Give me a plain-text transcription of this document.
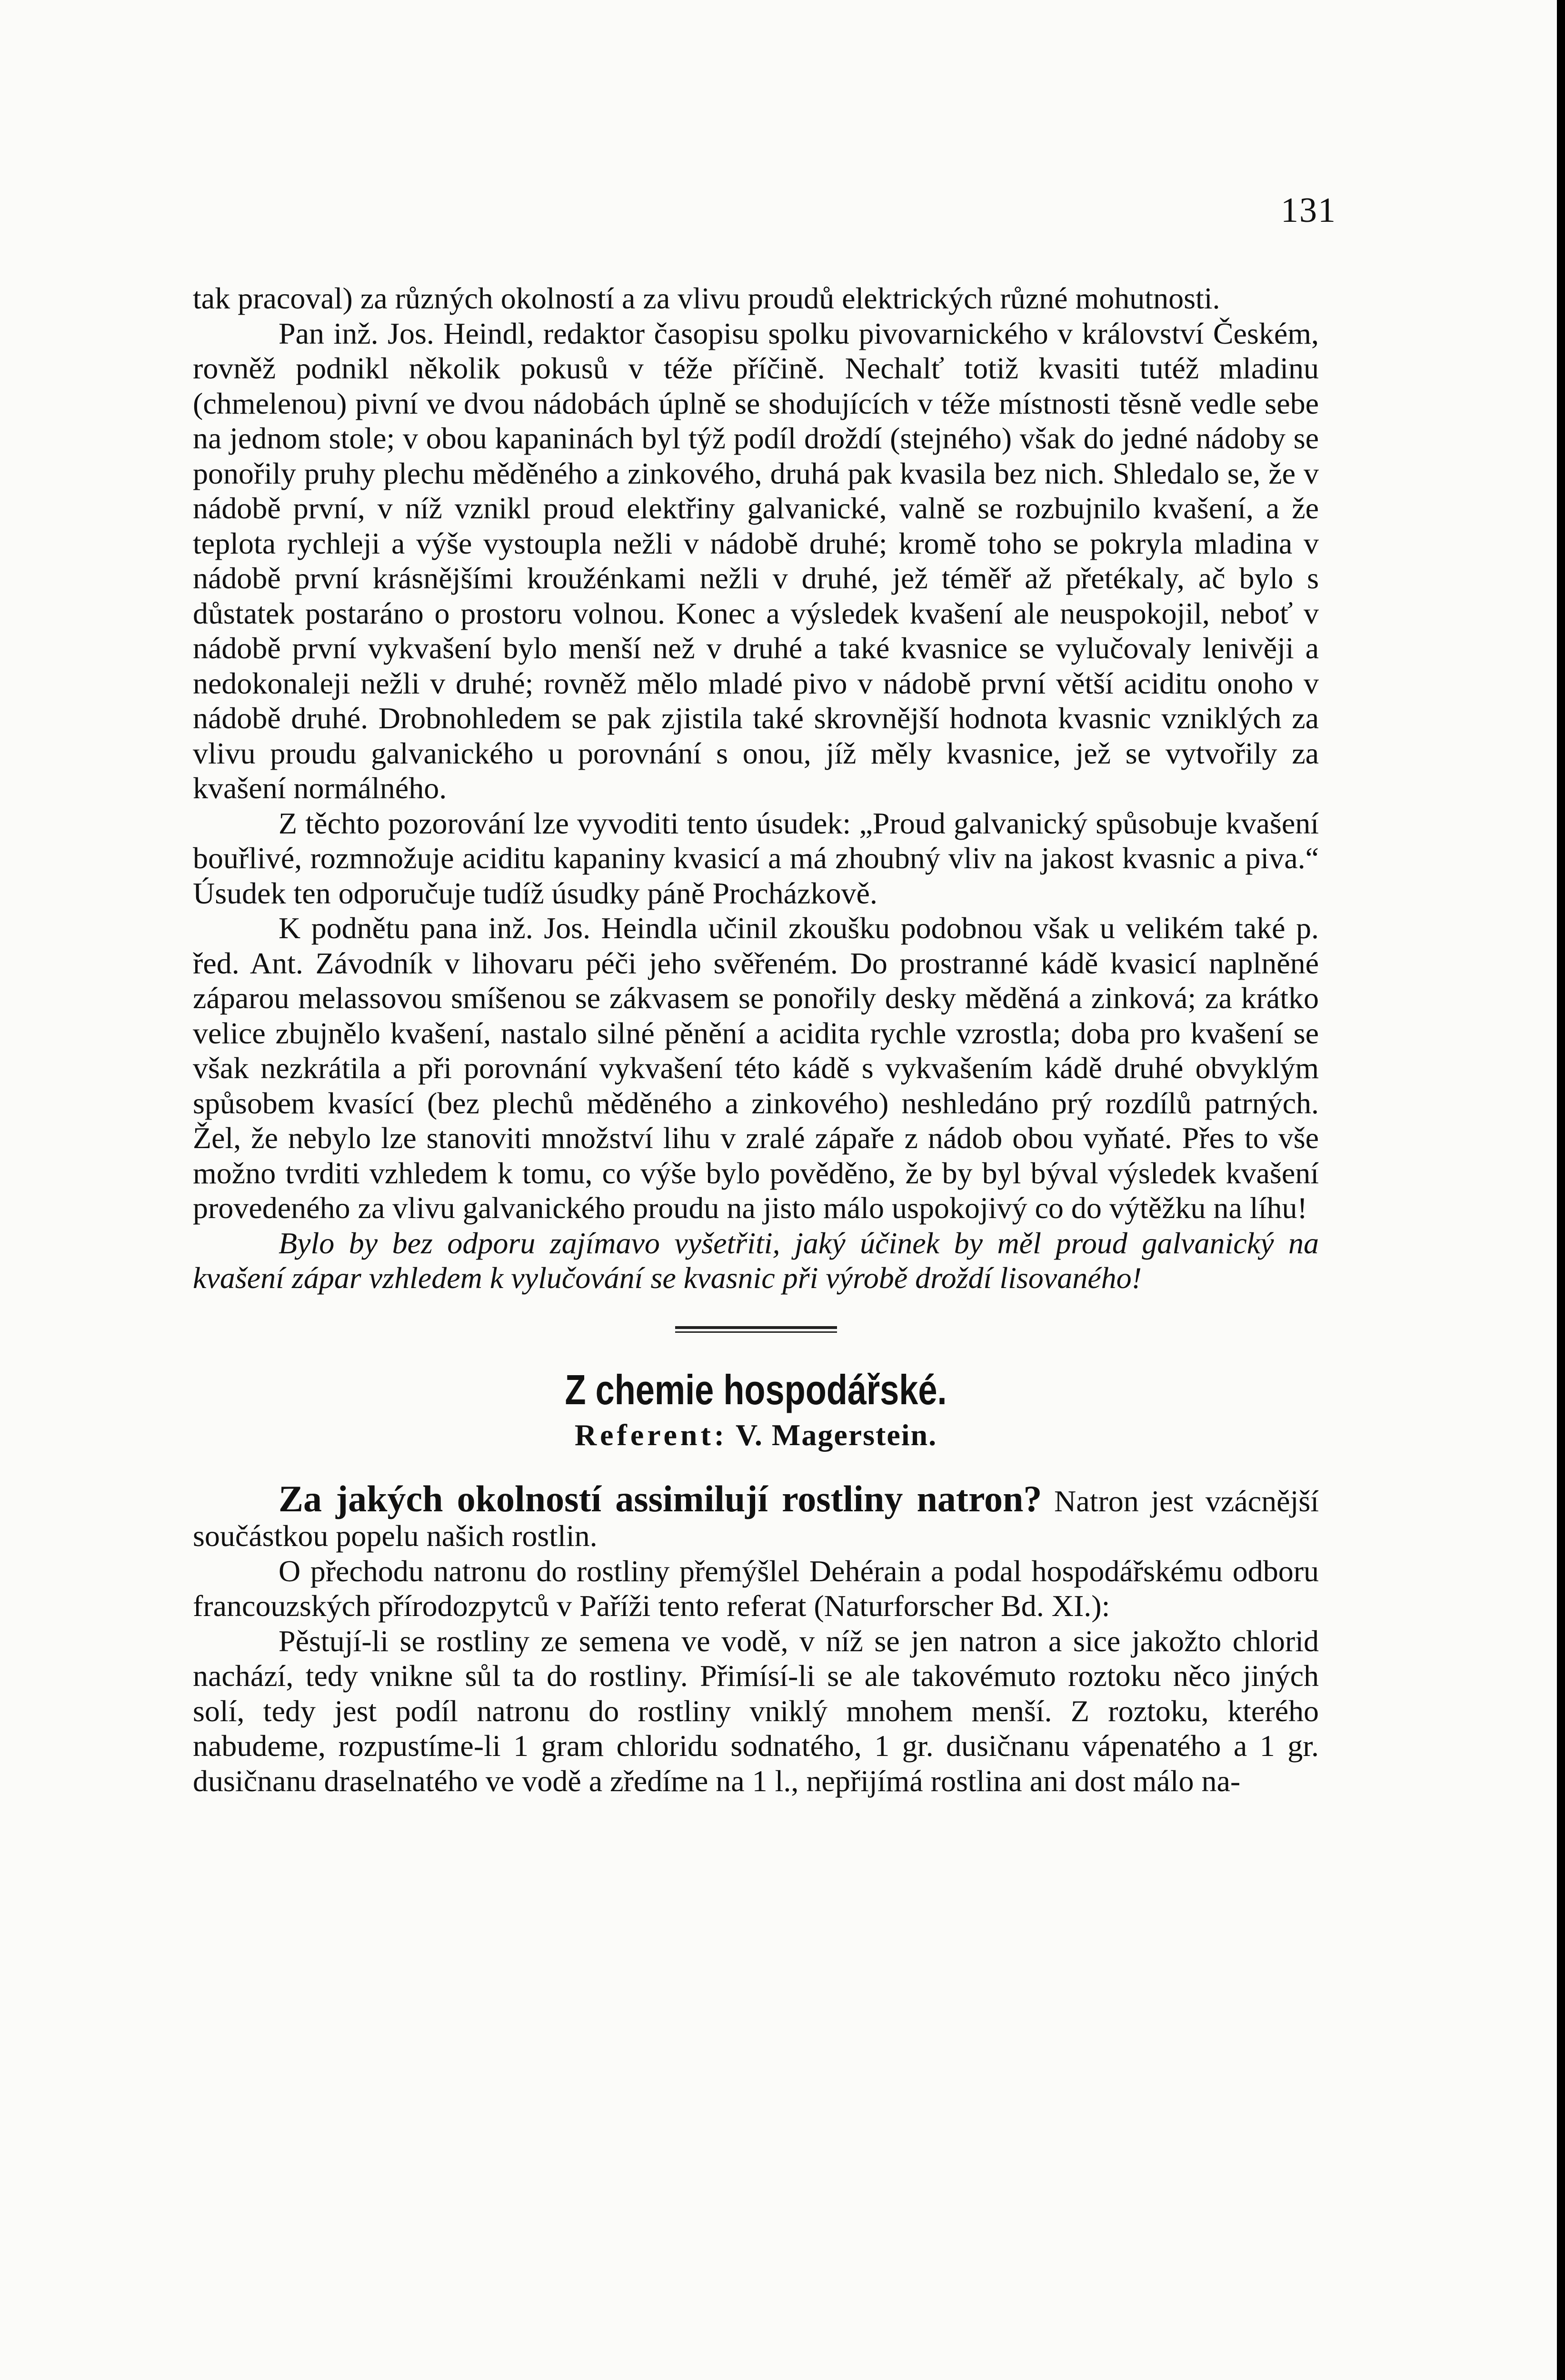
131

tak pracoval) za různých okolností a za vlivu proudů elektrických různé mohutnosti.

Pan inž. Jos. Heindl, redaktor časopisu spolku pivovarnického v království Českém, rovněž podnikl několik pokusů v téže příčině. Nechalť totiž kvasiti tutéž mladinu (chmelenou) pivní ve dvou nádobách úplně se shodujících v téže místnosti těsně vedle sebe na jednom stole; v obou kapaninách byl týž podíl droždí (stejného) však do jedné nádoby se ponořily pruhy plechu měděného a zinkového, druhá pak kvasila bez nich. Shledalo se, že v nádobě první, v níž vznikl proud elektřiny galvanické, valně se rozbujnilo kvašení, a že teplota rychleji a výše vystoupla nežli v nádobě druhé; kromě toho se pokryla mladina v nádobě první krásnějšími kroužénkami nežli v druhé, jež téměř až přetékaly, ač bylo s důstatek postaráno o prostoru volnou. Konec a výsledek kvašení ale neuspokojil, neboť v nádobě první vykvašení bylo menší než v druhé a také kvasnice se vylučovaly lenivěji a nedokonaleji nežli v druhé; rovněž mělo mladé pivo v nádobě první větší aciditu onoho v nádobě druhé. Drobnohledem se pak zjistila také skrovnější hodnota kvasnic vzniklých za vlivu proudu galvanického u porovnání s onou, jíž měly kvasnice, jež se vytvořily za kvašení normálného.

Z těchto pozorování lze vyvoditi tento úsudek: „Proud galvanický spůsobuje kvašení bouřlivé, rozmnožuje aciditu kapaniny kvasicí a má zhoubný vliv na jakost kvasnic a piva.“ Úsudek ten odporučuje tudíž úsudky páně Procházkově.

K podnětu pana inž. Jos. Heindla učinil zkoušku podobnou však u velikém také p. řed. Ant. Závodník v lihovaru péči jeho svěřeném. Do prostranné kádě kvasicí naplněné záparou melassovou smíšenou se zákvasem se ponořily desky měděná a zinková; za krátko velice zbujnělo kvašení, nastalo silné pěnění a acidita rychle vzrostla; doba pro kvašení se však nezkrátila a při porovnání vykvašení této kádě s vykvašením kádě druhé obvyklým spůsobem kvasící (bez plechů měděného a zinkového) neshledáno prý rozdílů patrných. Žel, že nebylo lze stanoviti množství lihu v zralé zápaře z nádob obou vyňaté. Přes to vše možno tvrditi vzhledem k tomu, co výše bylo pověděno, že by byl býval výsledek kvašení provedeného za vlivu galvanického proudu na jisto málo uspokojivý co do výtěžku na líhu!

Bylo by bez odporu zajímavo vyšetřiti, jaký účinek by měl proud galvanický na kvašení zápar vzhledem k vylučování se kvasnic při výrobě droždí lisovaného!

Z chemie hospodářské.
Referent: V. Magerstein.

Za jakých okolností assimilují rostliny natron? Natron jest vzácnější součástkou popelu našich rostlin.

O přechodu natronu do rostliny přemýšlel Dehérain a podal hospodářskému odboru francouzských přírodozpytců v Paříži tento referat (Naturforscher Bd. XI.):

Pěstují-li se rostliny ze semena ve vodě, v níž se jen natron a sice jakožto chlorid nachází, tedy vnikne sůl ta do rostliny. Přimísí-li se ale takovémuto roztoku něco jiných solí, tedy jest podíl natronu do rostliny vniklý mnohem menší. Z roztoku, kterého nabudeme, rozpustíme-li 1 gram chloridu sodnatého, 1 gr. dusičnanu vápenatého a 1 gr. dusičnanu draselnatého ve vodě a zředíme na 1 l., nepřijímá rostlina ani dost málo na-
